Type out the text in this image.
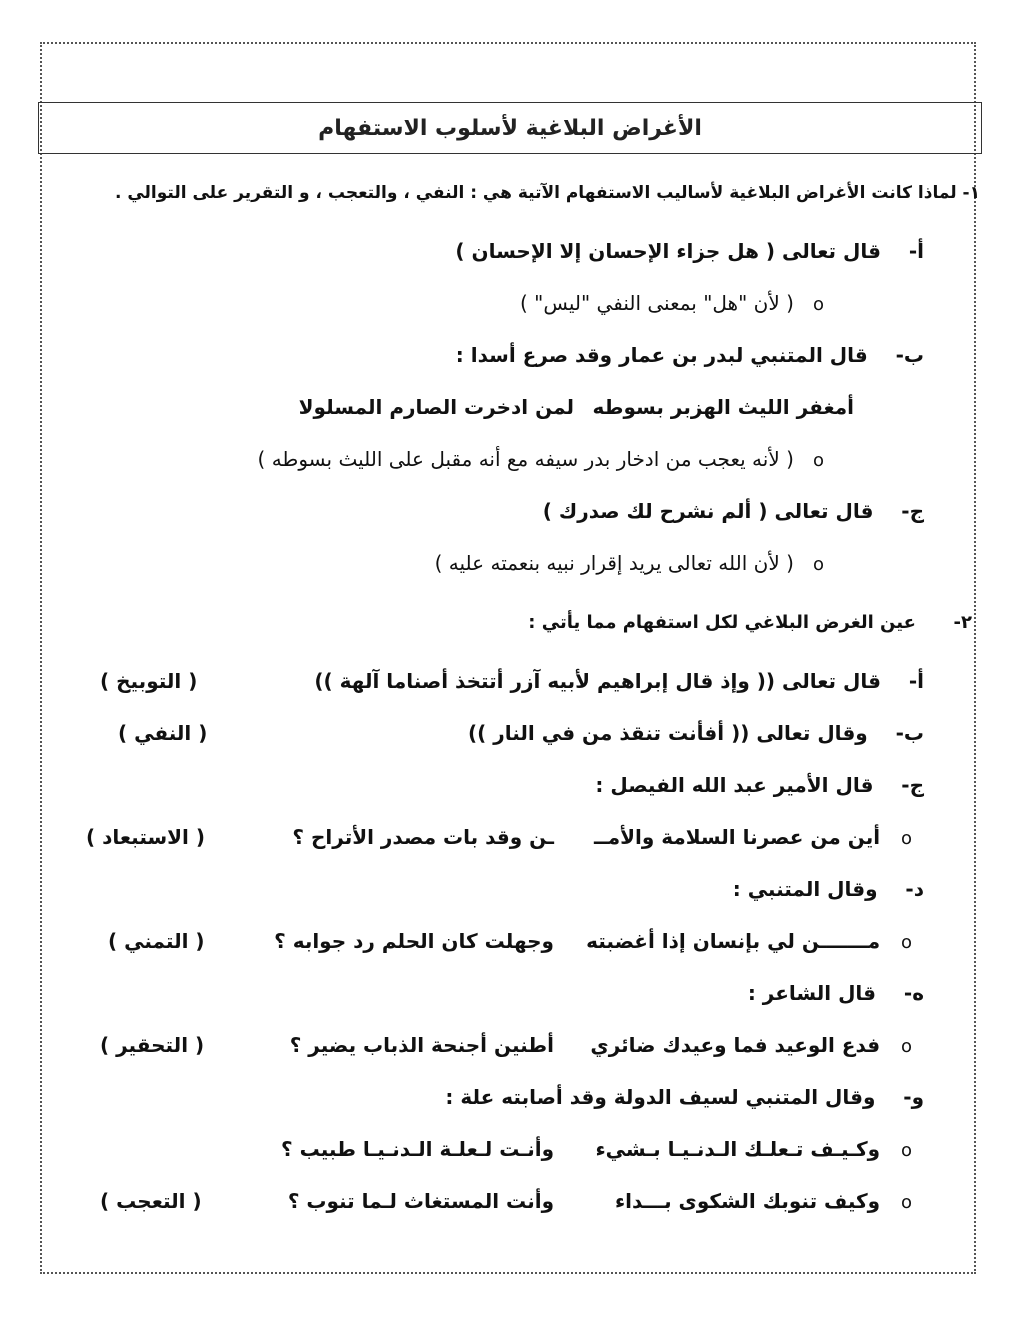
الأغراض البلاغية لأسلوب الاستفهام
١- لماذا كانت الأغراض البلاغية لأساليب الاستفهام الآتية هي : النفي ، والتعجب ، و التقرير على التوالي .
أ-    قال تعالى ( هل جزاء الإحسان إلا الإحسان )
o   ( لأن "هل" بمعنى النفي "ليس" )
ب-    قال المتنبي لبدر بن عمار وقد صرع أسدا :
أمغفر الليث الهزبر بسوطه
لمن ادخرت الصارم المسلولا
o   ( لأنه يعجب من ادخار بدر سيفه مع أنه مقبل على الليث بسوطه )
ج-    قال تعالى ( ألم نشرح لك صدرك )
o   ( لأن الله تعالى يريد إقرار نبيه بنعمته عليه )
٢-      عين الغرض البلاغي لكل استفهام مما يأتي :
أ-    قال تعالى (( وإذ قال إبراهيم لأبيه آزر أتتخذ أصناما آلهة ))
( التوبيخ )
ب-    وقال تعالى (( أفأنت تنقذ من في النار ))
( النفي )
ج-    قال الأمير عبد الله الفيصل :
o   أين من عصرنا السلامة والأمــ
ـن وقد بات مصدر الأتراح ؟
( الاستبعاد )
د-    وقال المتنبي :
o   مـــــــن لي بإنسان إذا أغضبته
وجهلت كان الحلم رد جوابه ؟
( التمني )
ه-    قال الشاعر :
o   فدع الوعيد فما وعيدك ضائري
أطنين أجنحة الذباب يضير ؟
( التحقير )
و-    وقال المتنبي لسيف الدولة وقد أصابته علة :
o   وكـيـف تـعلـك الـدنـيـا بـشيء
وأنـت لـعلـة الـدنـيـا طبيب ؟
o   وكيف تنوبك الشكوى بـــداء
وأنت المستغاث لـما تنوب ؟
( التعجب )
